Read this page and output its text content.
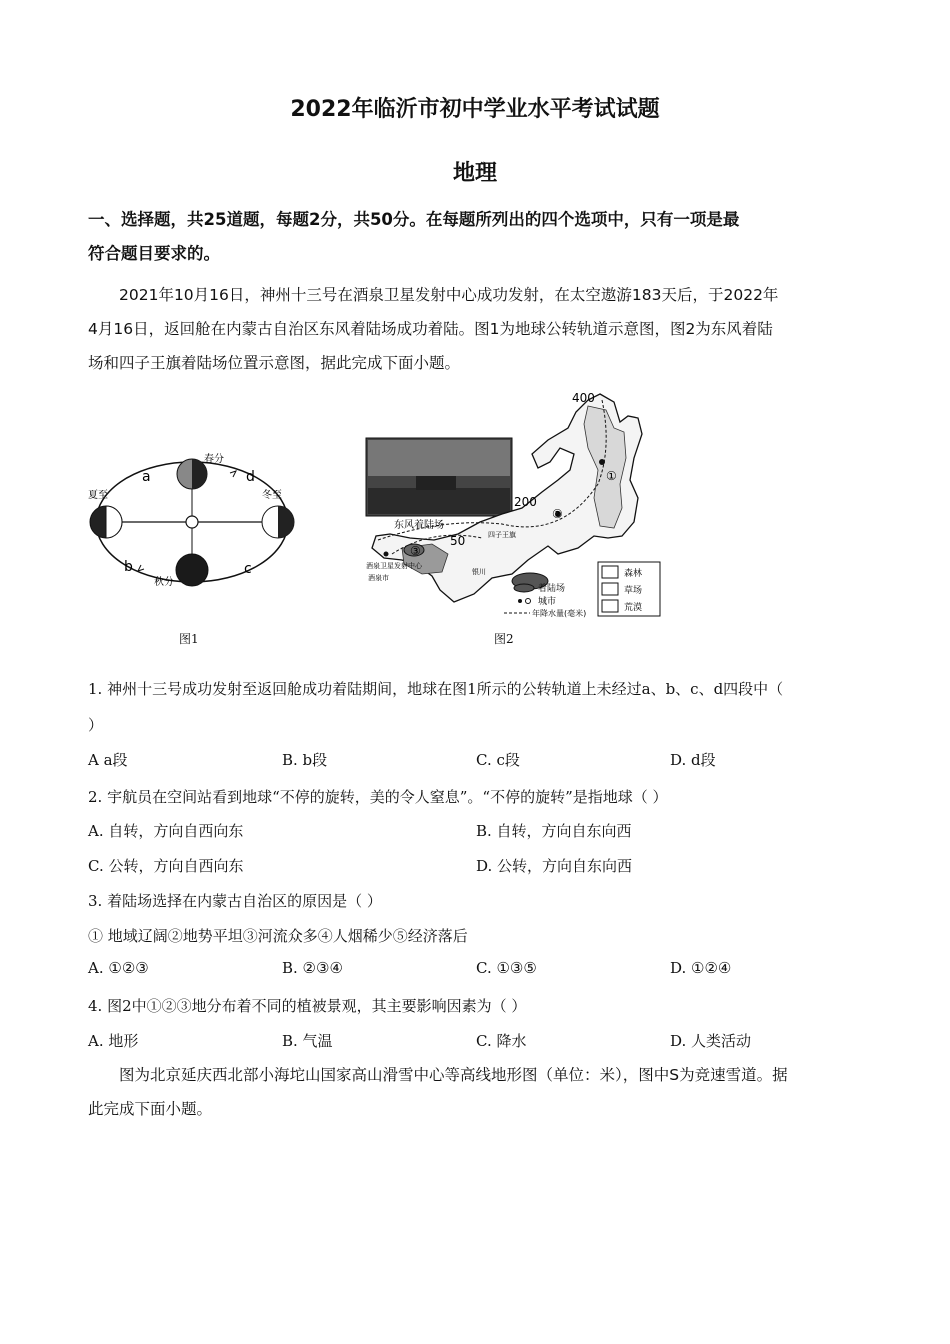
2022年临沂市初中学业水平考试试题
地理
一、选择题，共25道题，每题2分，共50分。在每题所列出的四个选项中，只有一项是最
符合题目要求的。
2021年10月16日，神州十三号在酒泉卫星发射中心成功发射，在太空遨游183天后，于2022年
4月16日，返回舱在内蒙古自治区东风着陆场成功着陆。图1为地球公转轨道示意图，图2为东风着陆
场和四子王旗着陆场位置示意图，据此完成下面小题。
春分
夏至
秋分
冬至
a
b	c
d
图1
400
200
50
东风着陆场
酒泉卫星发射中心
酒泉市
①
②
③
四子王旗
银川
着陆场
城市
年降水量(毫米)
森林
草场
荒漠
图2
1. 神州十三号成功发射至返回舱成功着陆期间，地球在图1所示的公转轨道上未经过a、b、c、d四段中（
）
A a段	B. b段	C. c段	D. d段
2. 宇航员在空间站看到地球“不停的旋转，美的令人窒息”。“不停的旋转”是指地球（ ）
A. 自转，方向自西向东	B. 自转，方向自东向西
C. 公转，方向自西向东	D. 公转，方向自东向西
3. 着陆场选择在内蒙古自治区的原因是（ ）
① 地域辽阔②地势平坦③河流众多④人烟稀少⑤经济落后
A. ①②③	B. ②③④	C. ①③⑤	D. ①②④
4. 图2中①②③地分布着不同的植被景观，其主要影响因素为（ ）
A. 地形	B. 气温	C. 降水	D. 人类活动
图为北京延庆西北部小海坨山国家高山滑雪中心等高线地形图（单位：米），图中S为竞速雪道。据
此完成下面小题。
